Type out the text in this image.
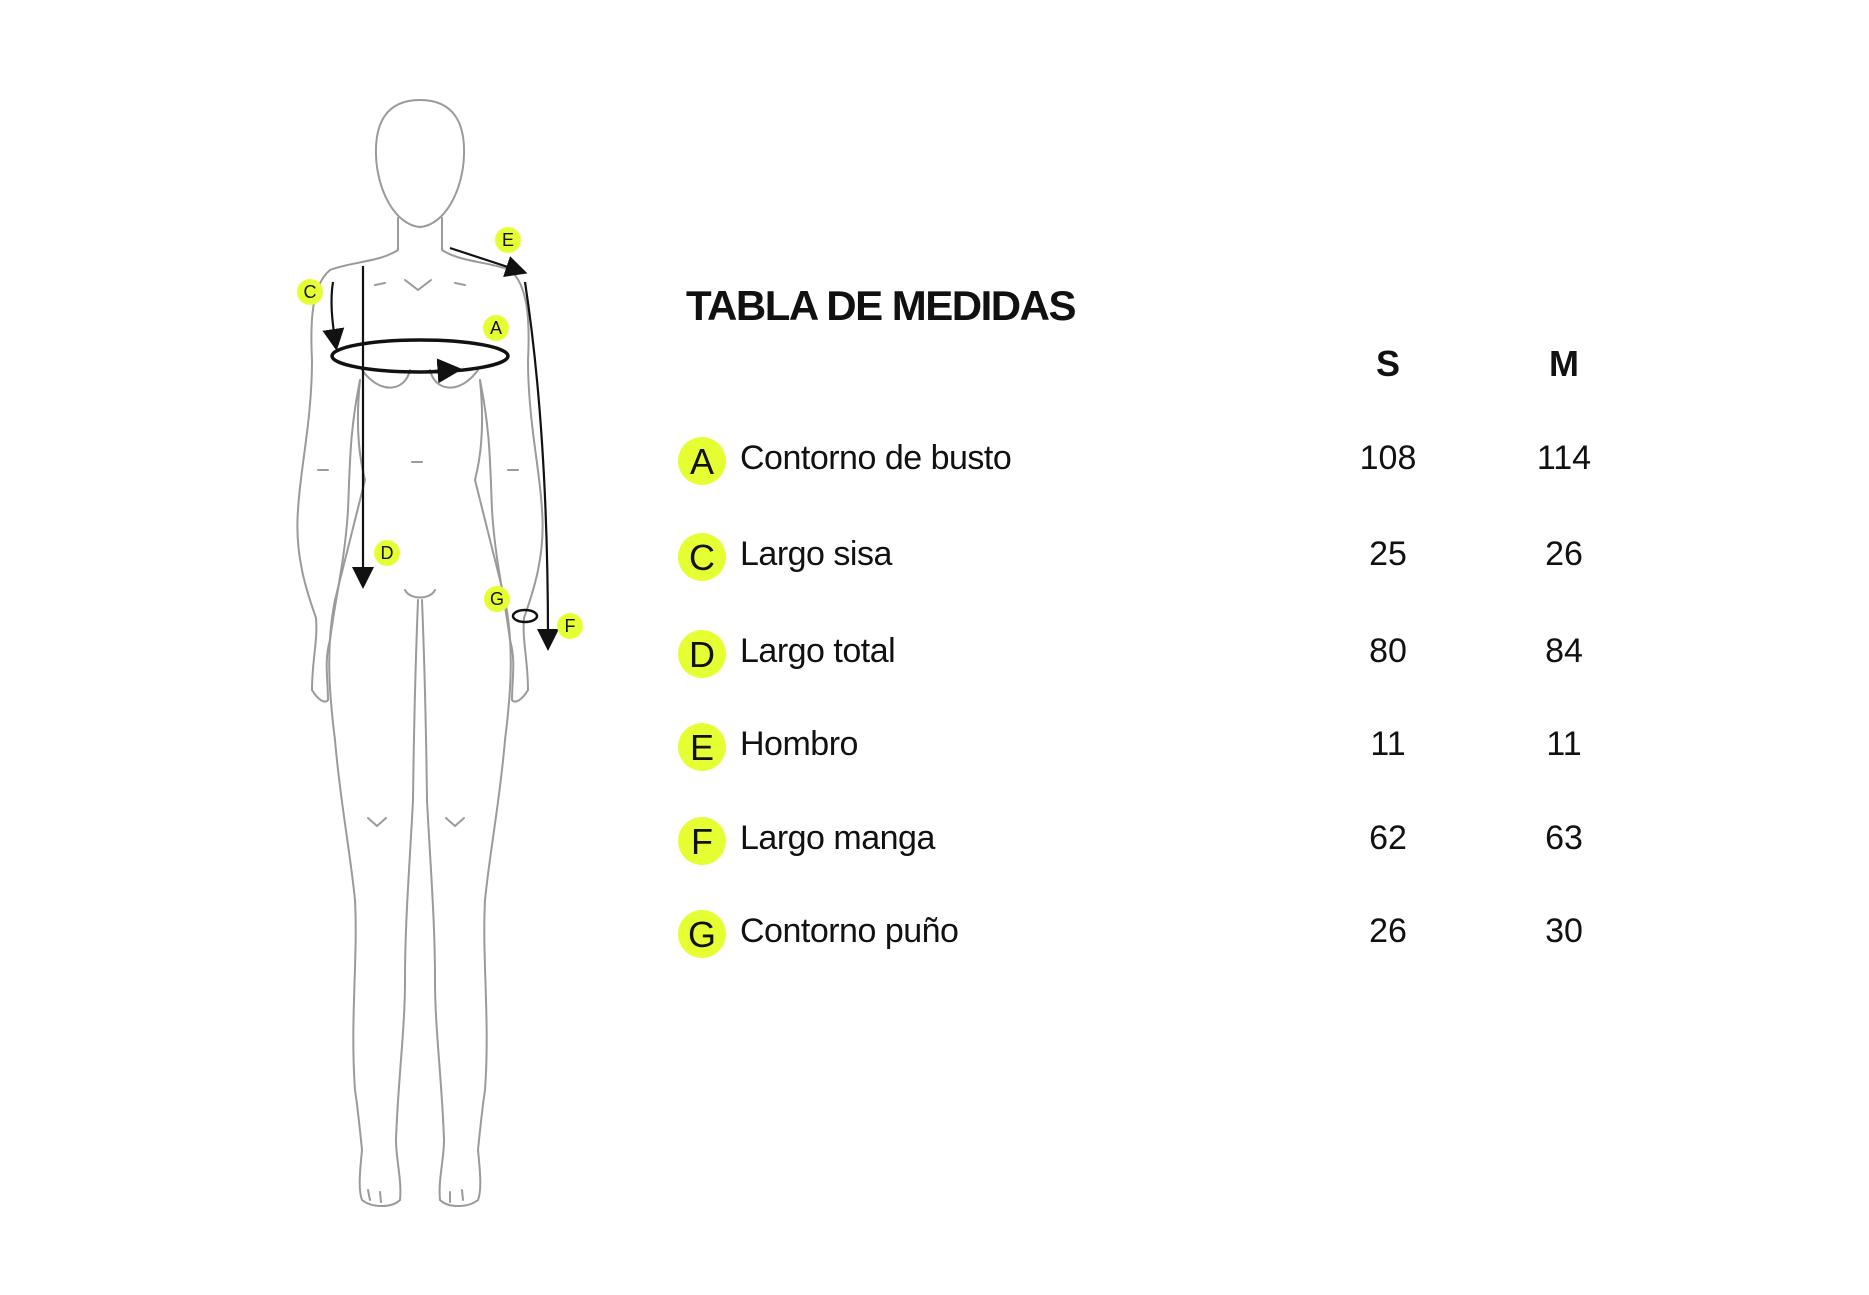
E
C
A
D
G
F
TABLA DE MEDIDAS
S	M
A Contorno de busto	108	114
C Largo sisa	25	26
D Largo total	80	84
E Hombro	11	11
F Largo manga	62	63
G Contorno puño	26	30
